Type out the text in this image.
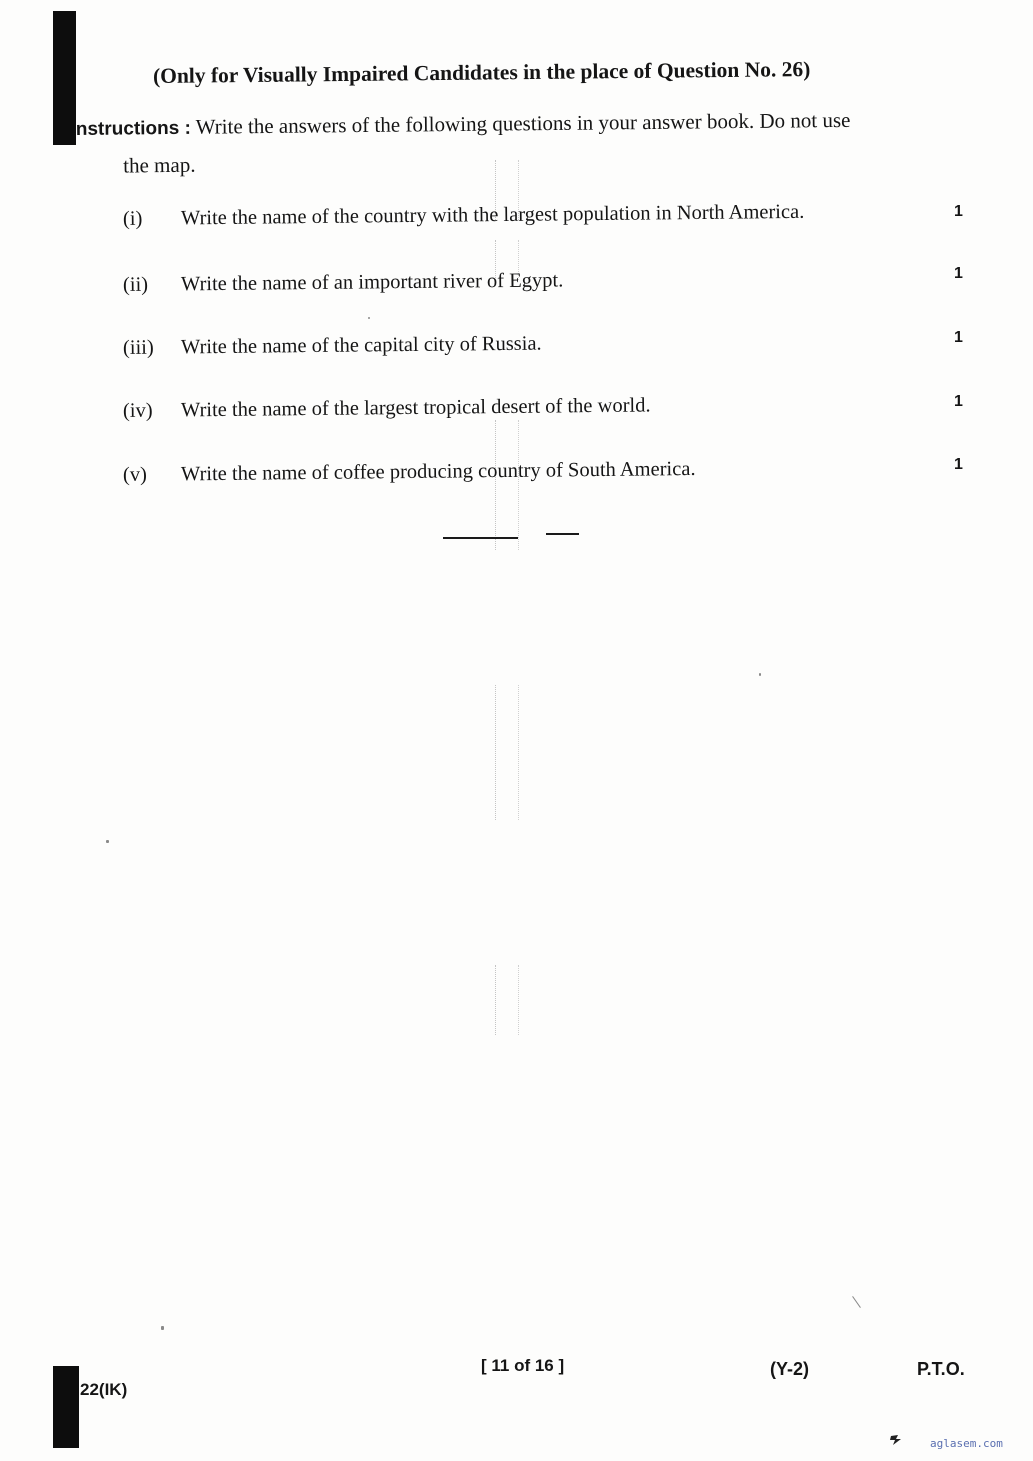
(Only for Visually Impaired Candidates in the place of Question No. 26)
nstructions : Write the answers of the following questions in your answer book. Do not use
the map.
(i) Write the name of the country with the largest population in North America.	1
(ii) Write the name of an important river of Egypt.	1
(iii) Write the name of the capital city of Russia.	1
(iv) Write the name of the largest tropical desert of the world.	1
(v) Write the name of coffee producing country of South America.	1
22(IK)
[ 11 of 16 ]	(Y-2)	P.T.O.
aglasem.com
